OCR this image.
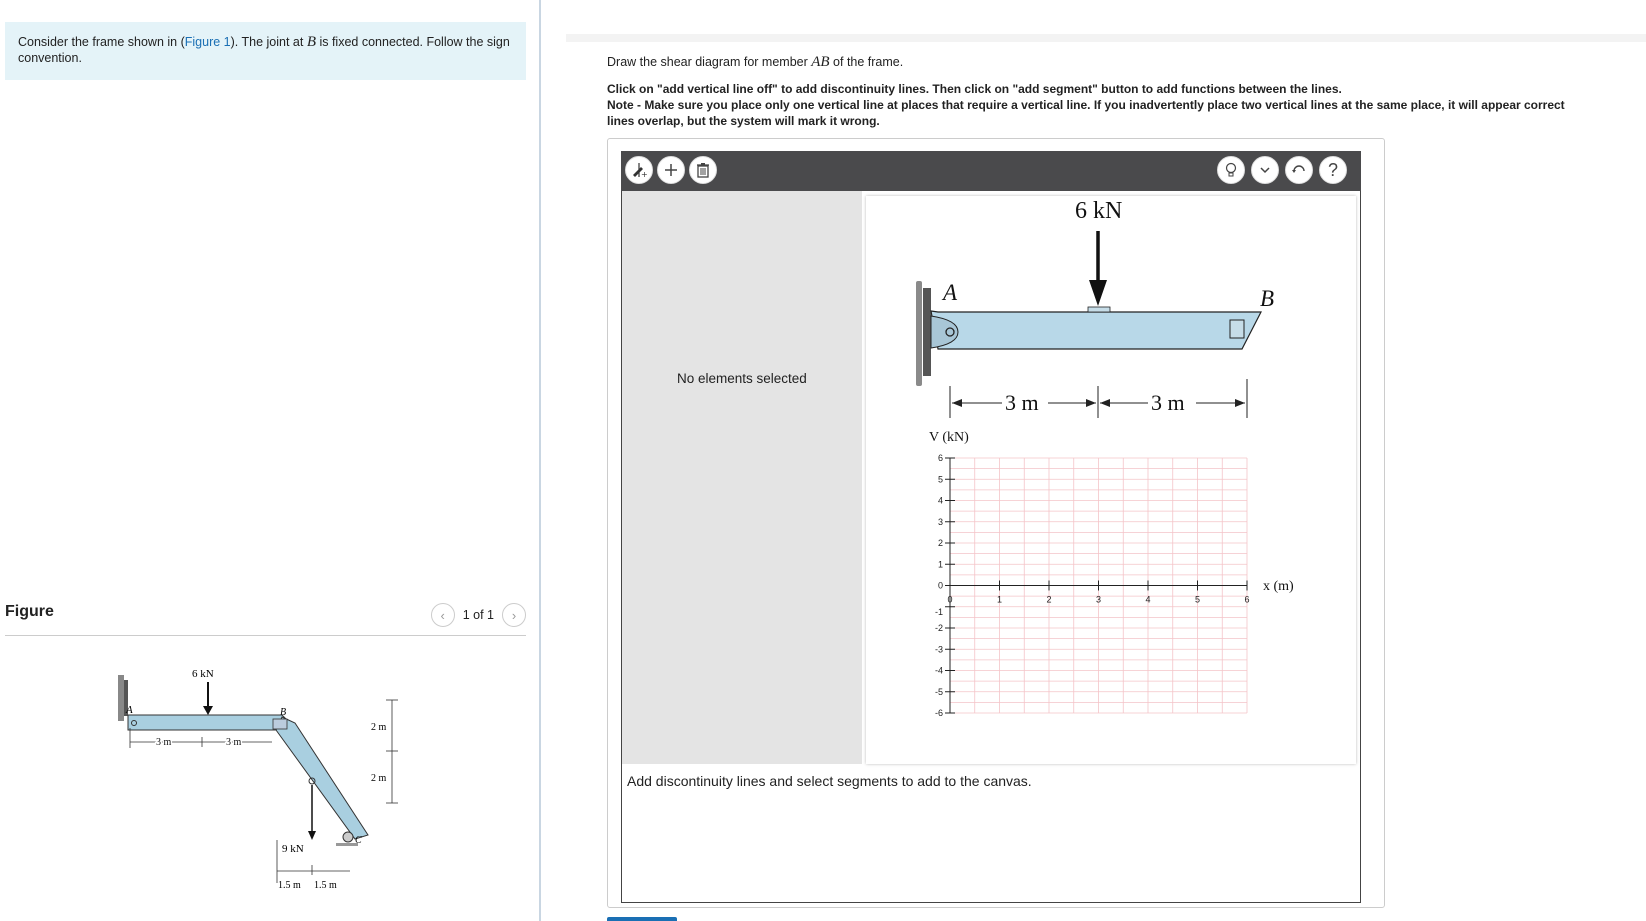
Consider the frame shown in (Figure 1). The joint at B is fixed connected. Follow the sign convention.
Figure	‹ 1 of 1 ›
6 kN
A	B
9 kN
C
3 m	3 m
2 m
2 m
1.5 m 1.5 m
Draw the shear diagram for member AB of the frame.
Click on "add vertical line off" to add discontinuity lines. Then click on "add segment" button to add functions between the lines.
Note - Make sure you place only one vertical line at places that require a vertical line. If you inadvertently place two vertical lines at the same place, it will appear correct
lines overlap, but the system will mark it wrong.
+	?
No elements selected
6 kN
A	B
3 m	3 m
6
5
4
3
2
1
0
-1
-2
-3
-4
-5
-6
0	1	2	3	4	5	6
V (kN)
x (m)
Add discontinuity lines and select segments to add to the canvas.
